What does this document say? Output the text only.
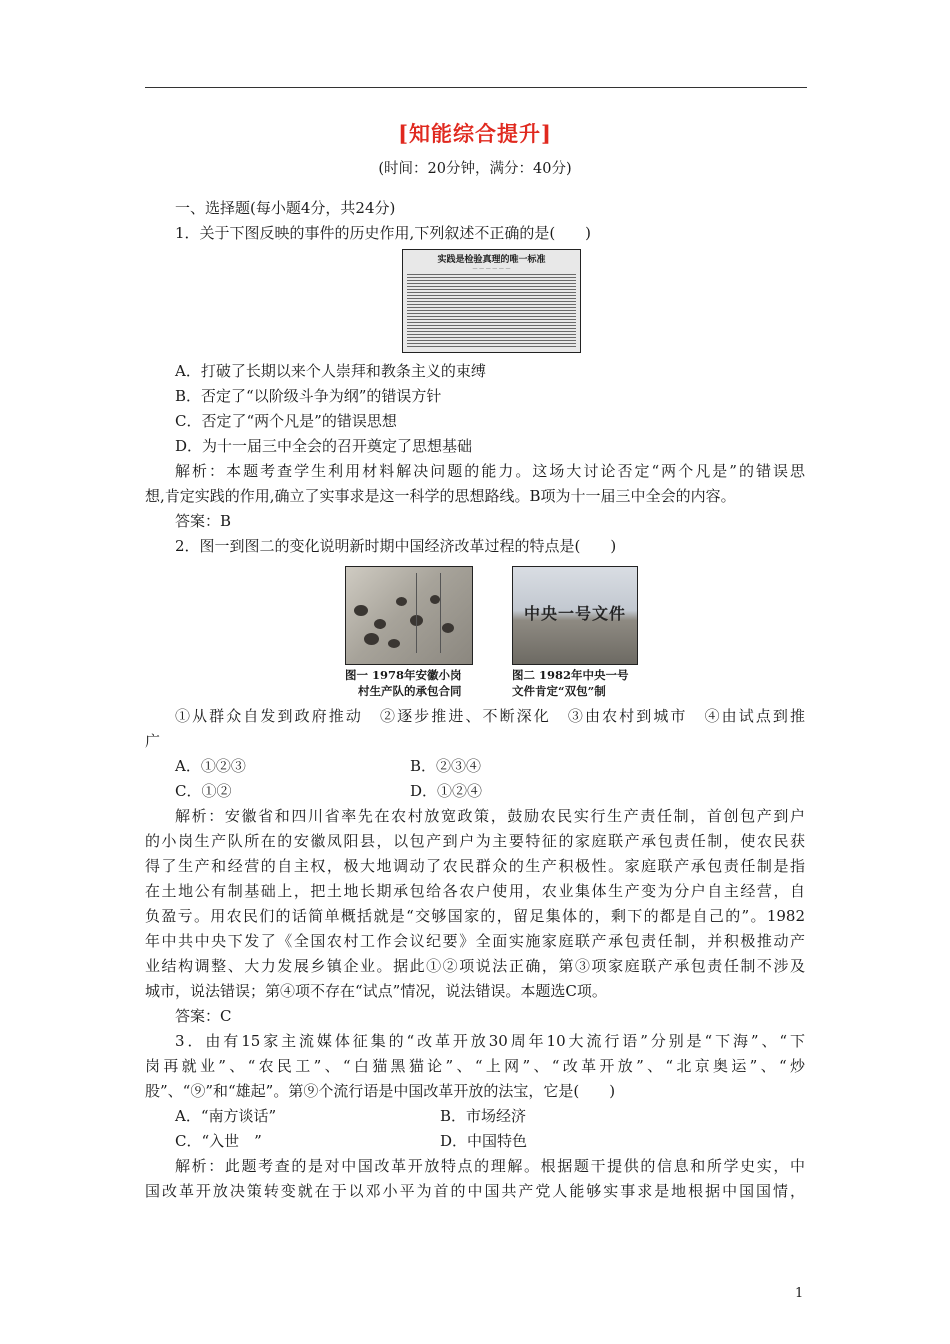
[知能综合提升]
(时间：20分钟，满分：40分)
一、选择题(每小题4分，共24分)
1．关于下图反映的事件的历史作用,下列叙述不正确的是(　　)
实践是检验真理的唯一标准
— — — — — —
A．打破了长期以来个人崇拜和教条主义的束缚
B．否定了“以阶级斗争为纲”的错误方针
C．否定了“两个凡是”的错误思想
D．为十一届三中全会的召开奠定了思想基础
解析：本题考查学生利用材料解决问题的能力。这场大讨论否定“两个凡是”的错误思
想,肯定实践的作用,确立了实事求是这一科学的思想路线。B项为十一届三中全会的内容。
答案：B
2．图一到图二的变化说明新时期中国经济改革过程的特点是(　　)
中央一号文件
图一 1978年安徽小岗
村生产队的承包合同
图二 1982年中央一号
文件肯定“双包”制
①从群众自发到政府推动　②逐步推进、不断深化　③由农村到城市　④由试点到推
广
A．①②③	B．②③④
C．①②	D．①②④
解析：安徽省和四川省率先在农村放宽政策，鼓励农民实行生产责任制，首创包产到户
的小岗生产队所在的安徽凤阳县，以包产到户为主要特征的家庭联产承包责任制，使农民获
得了生产和经营的自主权，极大地调动了农民群众的生产积极性。家庭联产承包责任制是指
在土地公有制基础上，把土地长期承包给各农户使用，农业集体生产变为分户自主经营，自
负盈亏。用农民们的话简单概括就是“交够国家的，留足集体的，剩下的都是自己的”。1982
年中共中央下发了《全国农村工作会议纪要》全面实施家庭联产承包责任制，并积极推动产
业结构调整、大力发展乡镇企业。据此①②项说法正确，第③项家庭联产承包责任制不涉及
城市，说法错误；第④项不存在“试点”情况，说法错误。本题选C项。
答案：C
3．由有15家主流媒体征集的“改革开放30周年10大流行语”分别是“下海”、“下
岗再就业”、“农民工”、“白猫黑猫论”、“上网”、“改革开放”、“北京奥运”、“炒
股”、“⑨”和“雄起”。第⑨个流行语是中国改革开放的法宝，它是(　　)
A．“南方谈话”	B．市场经济
C．“入世　”	D．中国特色
解析：此题考查的是对中国改革开放特点的理解。根据题干提供的信息和所学史实，中
国改革开放决策转变就在于以邓小平为首的中国共产党人能够实事求是地根据中国国情，
1
